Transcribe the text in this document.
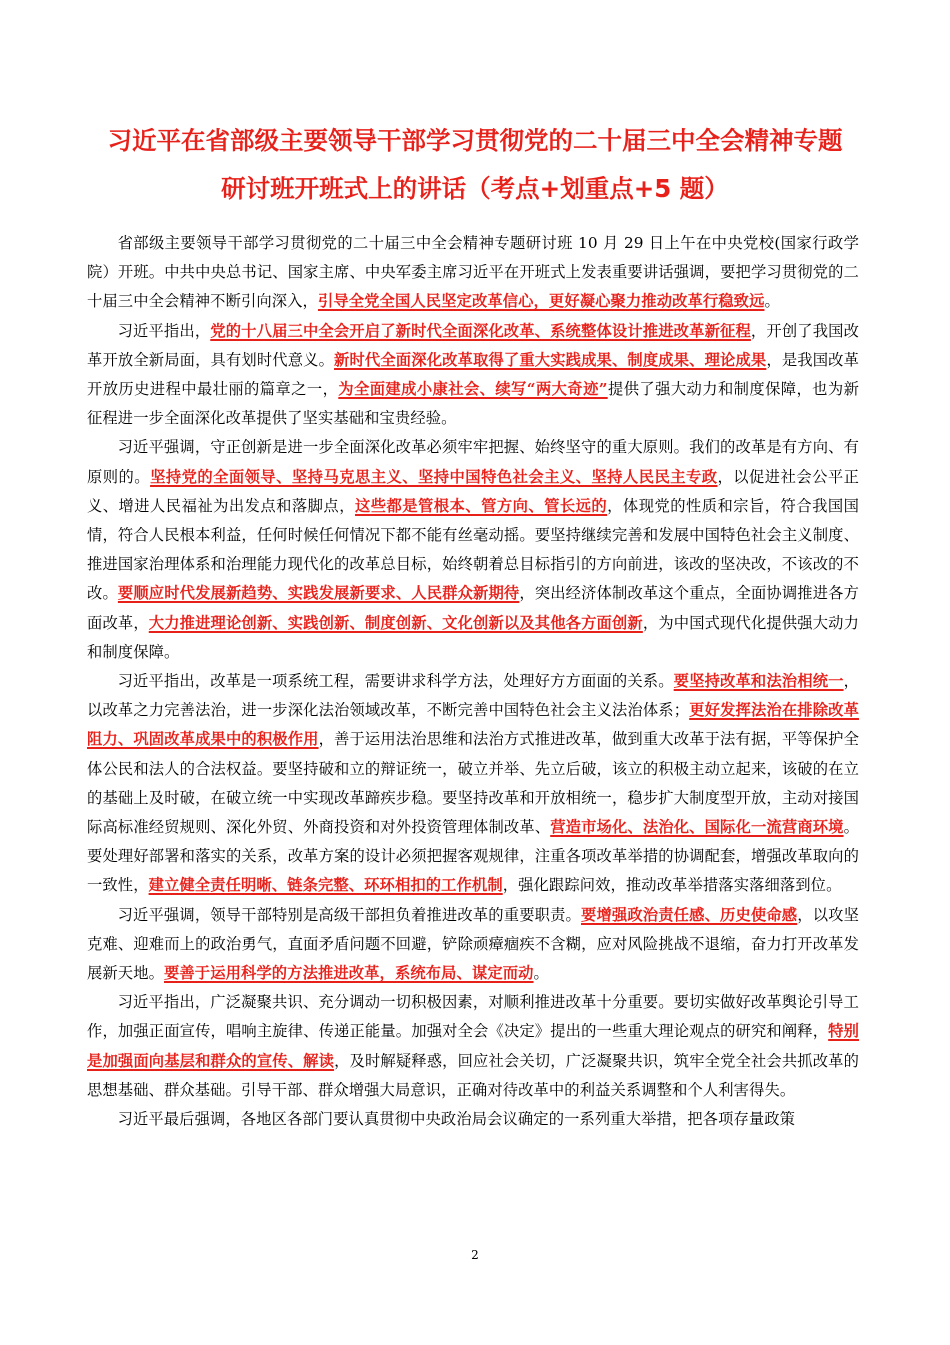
习近平在省部级主要领导干部学习贯彻党的二十届三中全会精神专题
研讨班开班式上的讲话（考点+划重点+5 题）

省部级主要领导干部学习贯彻党的二十届三中全会精神专题研讨班 10 月 29 日上午在中央党校(国家行政学院）开班。中共中央总书记、国家主席、中央军委主席习近平在开班式上发表重要讲话强调，要把学习贯彻党的二十届三中全会精神不断引向深入，引导全党全国人民坚定改革信心，更好凝心聚力推动改革行稳致远。

习近平指出，党的十八届三中全会开启了新时代全面深化改革、系统整体设计推进改革新征程，开创了我国改革开放全新局面，具有划时代意义。新时代全面深化改革取得了重大实践成果、制度成果、理论成果，是我国改革开放历史进程中最壮丽的篇章之一，为全面建成小康社会、续写“两大奇迹”提供了强大动力和制度保障，也为新征程进一步全面深化改革提供了坚实基础和宝贵经验。

习近平强调，守正创新是进一步全面深化改革必须牢牢把握、始终坚守的重大原则。我们的改革是有方向、有原则的。坚持党的全面领导、坚持马克思主义、坚持中国特色社会主义、坚持人民民主专政，以促进社会公平正义、增进人民福祉为出发点和落脚点，这些都是管根本、管方向、管长远的，体现党的性质和宗旨，符合我国国情，符合人民根本利益，任何时候任何情况下都不能有丝毫动摇。要坚持继续完善和发展中国特色社会主义制度、推进国家治理体系和治理能力现代化的改革总目标，始终朝着总目标指引的方向前进，该改的坚决改，不该改的不改。要顺应时代发展新趋势、实践发展新要求、人民群众新期待，突出经济体制改革这个重点，全面协调推进各方面改革，大力推进理论创新、实践创新、制度创新、文化创新以及其他各方面创新，为中国式现代化提供强大动力和制度保障。

习近平指出，改革是一项系统工程，需要讲求科学方法，处理好方方面面的关系。要坚持改革和法治相统一，以改革之力完善法治，进一步深化法治领域改革，不断完善中国特色社会主义法治体系；更好发挥法治在排除改革阻力、巩固改革成果中的积极作用，善于运用法治思维和法治方式推进改革，做到重大改革于法有据，平等保护全体公民和法人的合法权益。要坚持破和立的辩证统一，破立并举、先立后破，该立的积极主动立起来，该破的在立的基础上及时破，在破立统一中实现改革蹄疾步稳。要坚持改革和开放相统一，稳步扩大制度型开放，主动对接国际高标准经贸规则、深化外贸、外商投资和对外投资管理体制改革、营造市场化、法治化、国际化一流营商环境。要处理好部署和落实的关系，改革方案的设计必须把握客观规律，注重各项改革举措的协调配套，增强改革取向的一致性，建立健全责任明晰、链条完整、环环相扣的工作机制，强化跟踪问效，推动改革举措落实落细落到位。

习近平强调，领导干部特别是高级干部担负着推进改革的重要职责。要增强政治责任感、历史使命感，以攻坚克难、迎难而上的政治勇气，直面矛盾问题不回避，铲除顽瘴痼疾不含糊，应对风险挑战不退缩，奋力打开改革发展新天地。要善于运用科学的方法推进改革，系统布局、谋定而动。

习近平指出，广泛凝聚共识、充分调动一切积极因素，对顺利推进改革十分重要。要切实做好改革舆论引导工作，加强正面宣传，唱响主旋律、传递正能量。加强对全会《决定》提出的一些重大理论观点的研究和阐释，特别是加强面向基层和群众的宣传、解读，及时解疑释惑，回应社会关切，广泛凝聚共识，筑牢全党全社会共抓改革的思想基础、群众基础。引导干部、群众增强大局意识，正确对待改革中的利益关系调整和个人利害得失。

习近平最后强调，各地区各部门要认真贯彻中央政治局会议确定的一系列重大举措，把各项存量政策

2
